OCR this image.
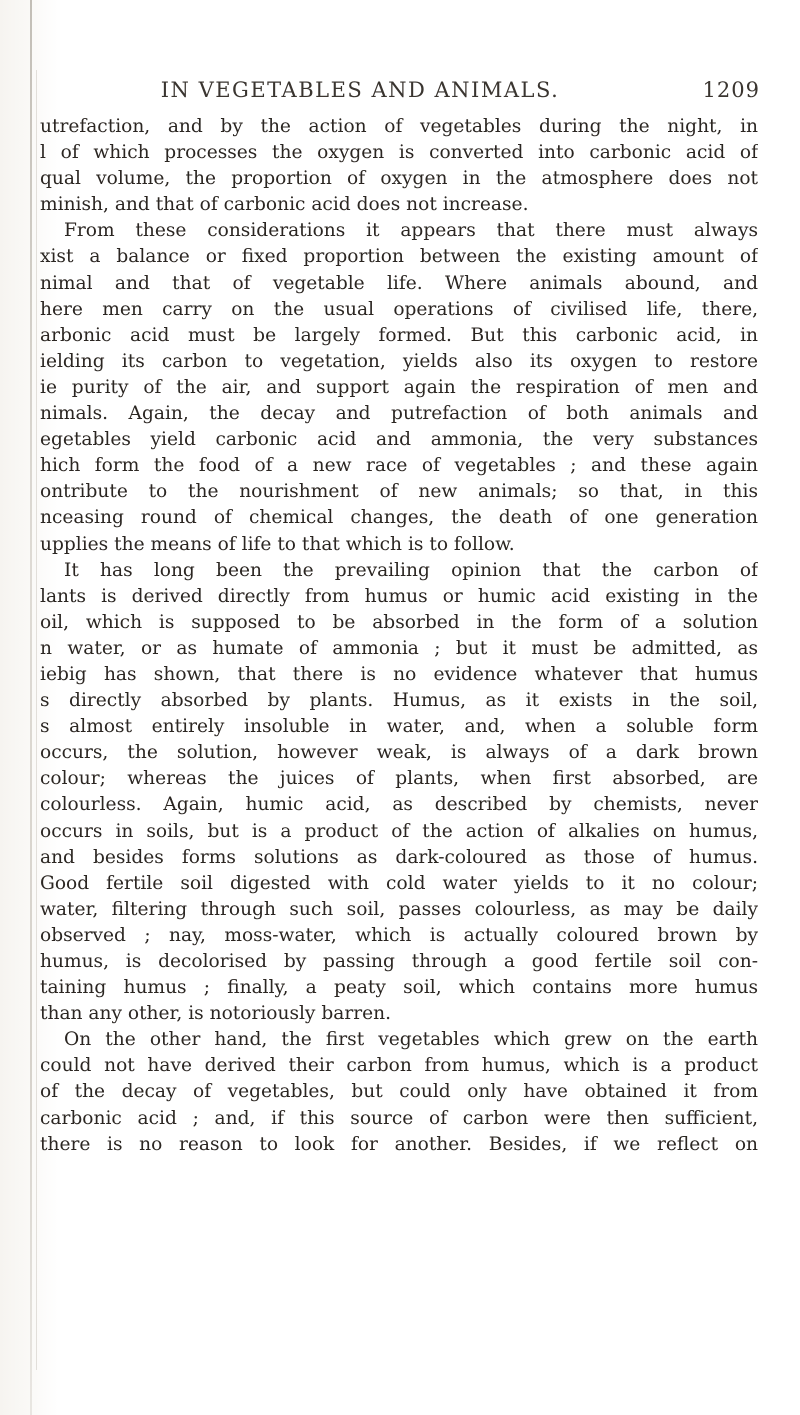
IN VEGETABLES AND ANIMALS.	1209
utrefaction, and by the action of vegetables during the night, in
l of which processes the oxygen is converted into carbonic acid of
qual volume, the proportion of oxygen in the atmosphere does not
minish, and that of carbonic acid does not increase.
From these considerations it appears that there must always
xist a balance or fixed proportion between the existing amount of
nimal and that of vegetable life. Where animals abound, and
here men carry on the usual operations of civilised life, there,
arbonic acid must be largely formed. But this carbonic acid, in
ielding its carbon to vegetation, yields also its oxygen to restore
ie purity of the air, and support again the respiration of men and
nimals. Again, the decay and putrefaction of both animals and
egetables yield carbonic acid and ammonia, the very substances
hich form the food of a new race of vegetables ; and these again
ontribute to the nourishment of new animals; so that, in this
nceasing round of chemical changes, the death of one generation
upplies the means of life to that which is to follow.
It has long been the prevailing opinion that the carbon of
lants is derived directly from humus or humic acid existing in the
oil, which is supposed to be absorbed in the form of a solution
n water, or as humate of ammonia ; but it must be admitted, as
iebig has shown, that there is no evidence whatever that humus
s directly absorbed by plants. Humus, as it exists in the soil,
s almost entirely insoluble in water, and, when a soluble form
occurs, the solution, however weak, is always of a dark brown
colour; whereas the juices of plants, when first absorbed, are
colourless. Again, humic acid, as described by chemists, never
occurs in soils, but is a product of the action of alkalies on humus,
and besides forms solutions as dark-coloured as those of humus.
Good fertile soil digested with cold water yields to it no colour;
water, filtering through such soil, passes colourless, as may be daily
observed ; nay, moss-water, which is actually coloured brown by
humus, is decolorised by passing through a good fertile soil con-
taining humus ; finally, a peaty soil, which contains more humus
than any other, is notoriously barren.
On the other hand, the first vegetables which grew on the earth
could not have derived their carbon from humus, which is a product
of the decay of vegetables, but could only have obtained it from
carbonic acid ; and, if this source of carbon were then sufficient,
there is no reason to look for another. Besides, if we reflect on
